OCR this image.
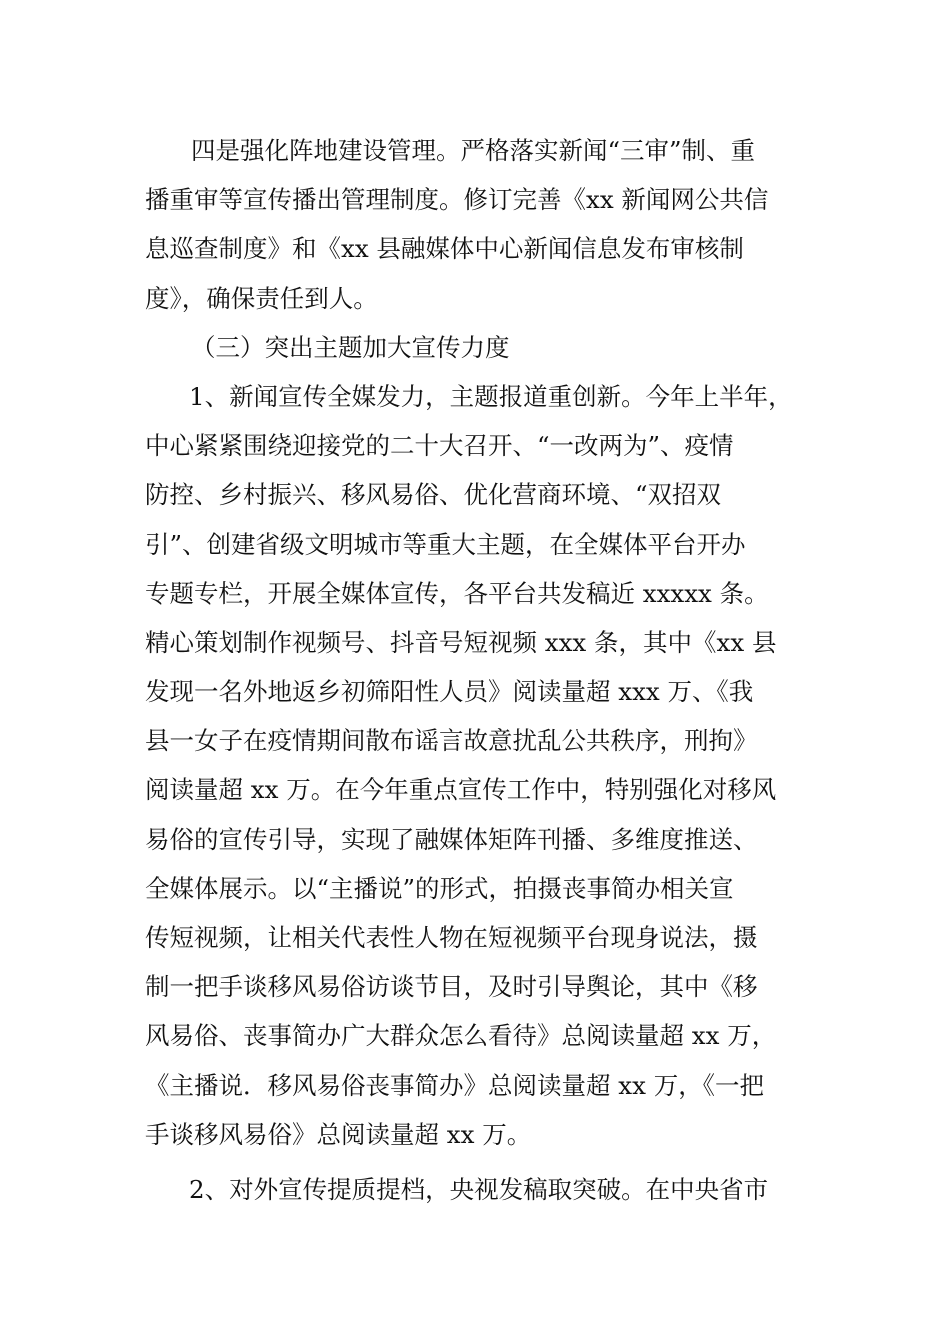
四是强化阵地建设管理。严格落实新闻“三审”制、重
播重审等宣传播出管理制度。修订完善《xx 新闻网公共信
息巡查制度》和《xx 县融媒体中心新闻信息发布审核制
度》，确保责任到人。
（三）突出主题加大宣传力度
1、新闻宣传全媒发力，主题报道重创新。今年上半年，
中心紧紧围绕迎接党的二十大召开、“一改两为”、疫情
防控、乡村振兴、移风易俗、优化营商环境、“双招双
引”、创建省级文明城市等重大主题，在全媒体平台开办
专题专栏，开展全媒体宣传，各平台共发稿近 xxxxx 条。
精心策划制作视频号、抖音号短视频 xxx 条，其中《xx 县
发现一名外地返乡初筛阳性人员》阅读量超 xxx 万、《我
县一女子在疫情期间散布谣言故意扰乱公共秩序，刑拘》
阅读量超 xx 万。在今年重点宣传工作中，特别强化对移风
易俗的宣传引导，实现了融媒体矩阵刊播、多维度推送、
全媒体展示。以“主播说”的形式，拍摄丧事简办相关宣
传短视频，让相关代表性人物在短视频平台现身说法，摄
制一把手谈移风易俗访谈节目，及时引导舆论，其中《移
风易俗、丧事简办广大群众怎么看待》总阅读量超 xx 万，
《主播说．移风易俗丧事简办》总阅读量超 xx 万，《一把
手谈移风易俗》总阅读量超 xx 万。
2、对外宣传提质提档，央视发稿取突破。在中央省市
